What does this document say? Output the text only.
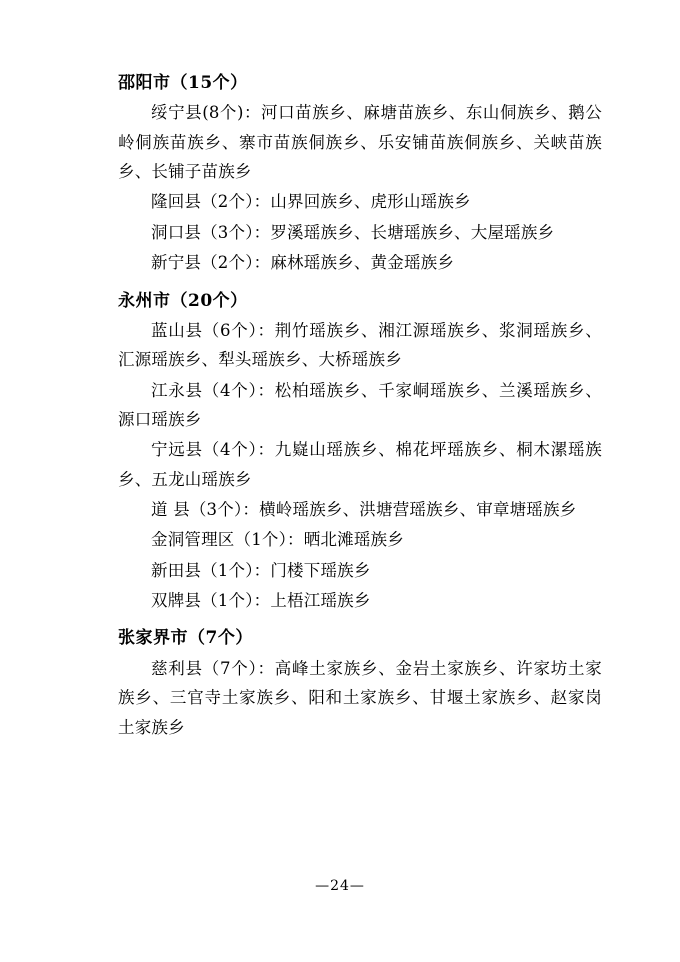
邵阳市（15个）

绥宁县(8个)：河口苗族乡、麻塘苗族乡、东山侗族乡、鹅公岭侗族苗族乡、寨市苗族侗族乡、乐安铺苗族侗族乡、关峡苗族乡、长铺子苗族乡

隆回县（2个）：山界回族乡、虎形山瑶族乡

洞口县（3个）：罗溪瑶族乡、长塘瑶族乡、大屋瑶族乡

新宁县（2个）：麻林瑶族乡、黄金瑶族乡

永州市（20个）

蓝山县（6个）：荆竹瑶族乡、湘江源瑶族乡、浆洞瑶族乡、汇源瑶族乡、犁头瑶族乡、大桥瑶族乡

江永县（4个）：松柏瑶族乡、千家峒瑶族乡、兰溪瑶族乡、源口瑶族乡

宁远县（4个）：九嶷山瑶族乡、棉花坪瑶族乡、桐木漯瑶族乡、五龙山瑶族乡

道 县（3个）：横岭瑶族乡、洪塘营瑶族乡、审章塘瑶族乡

金洞管理区（1个）：晒北滩瑶族乡

新田县（1个）：门楼下瑶族乡

双牌县（1个）：上梧江瑶族乡

张家界市（7个）

慈利县（7个）：高峰土家族乡、金岩土家族乡、许家坊土家族乡、三官寺土家族乡、阳和土家族乡、甘堰土家族乡、赵家岗土家族乡

—24—
